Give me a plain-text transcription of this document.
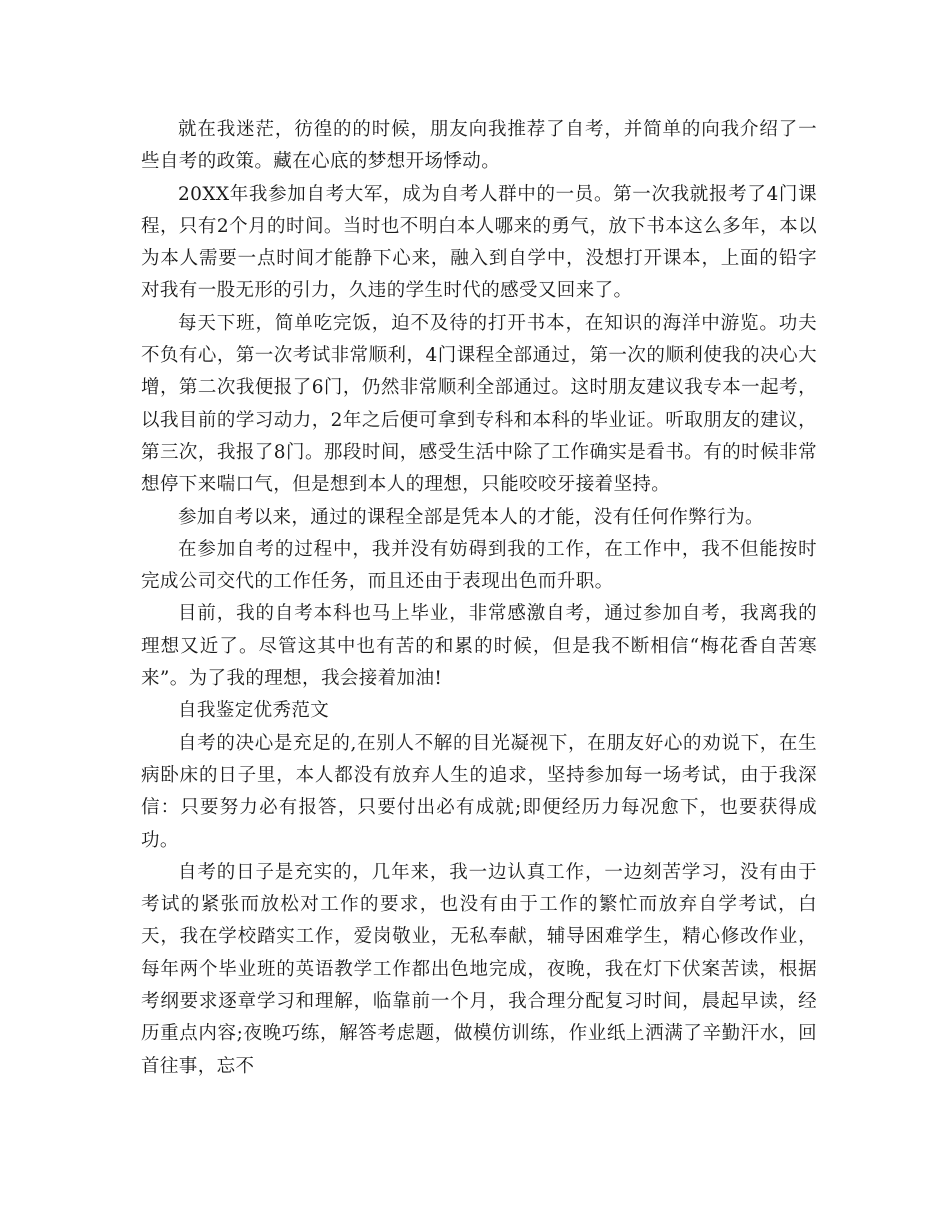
就在我迷茫，彷徨的的时候，朋友向我推荐了自考，并简单的向我介绍了一些自考的政策。藏在心底的梦想开场悸动。

20XX年我参加自考大军，成为自考人群中的一员。第一次我就报考了4门课程，只有2个月的时间。当时也不明白本人哪来的勇气，放下书本这么多年，本以为本人需要一点时间才能静下心来，融入到自学中，没想打开课本，上面的铅字对我有一股无形的引力，久违的学生时代的感受又回来了。

每天下班，简单吃完饭，迫不及待的打开书本，在知识的海洋中游览。功夫不负有心，第一次考试非常顺利，4门课程全部通过，第一次的顺利使我的决心大增，第二次我便报了6门，仍然非常顺利全部通过。这时朋友建议我专本一起考，以我目前的学习动力，2年之后便可拿到专科和本科的毕业证。听取朋友的建议，第三次，我报了8门。那段时间，感受生活中除了工作确实是看书。有的时候非常想停下来喘口气，但是想到本人的理想，只能咬咬牙接着坚持。

参加自考以来，通过的课程全部是凭本人的才能，没有任何作弊行为。

在参加自考的过程中，我并没有妨碍到我的工作，在工作中，我不但能按时完成公司交代的工作任务，而且还由于表现出色而升职。

目前，我的自考本科也马上毕业，非常感激自考，通过参加自考，我离我的理想又近了。尽管这其中也有苦的和累的时候，但是我不断相信“梅花香自苦寒来”。为了我的理想，我会接着加油!

自我鉴定优秀范文

自考的决心是充足的,在别人不解的目光凝视下，在朋友好心的劝说下，在生病卧床的日子里，本人都没有放弃人生的追求，坚持参加每一场考试，由于我深信：只要努力必有报答，只要付出必有成就;即便经历力每况愈下，也要获得成功。

自考的日子是充实的，几年来，我一边认真工作，一边刻苦学习，没有由于考试的紧张而放松对工作的要求，也没有由于工作的繁忙而放弃自学考试，白天，我在学校踏实工作，爱岗敬业，无私奉献，辅导困难学生，精心修改作业，每年两个毕业班的英语教学工作都出色地完成，夜晚，我在灯下伏案苦读，根据考纲要求逐章学习和理解，临靠前一个月，我合理分配复习时间，晨起早读，经历重点内容;夜晚巧练，解答考虑题，做模仿训练，作业纸上洒满了辛勤汗水，回首往事，忘不
